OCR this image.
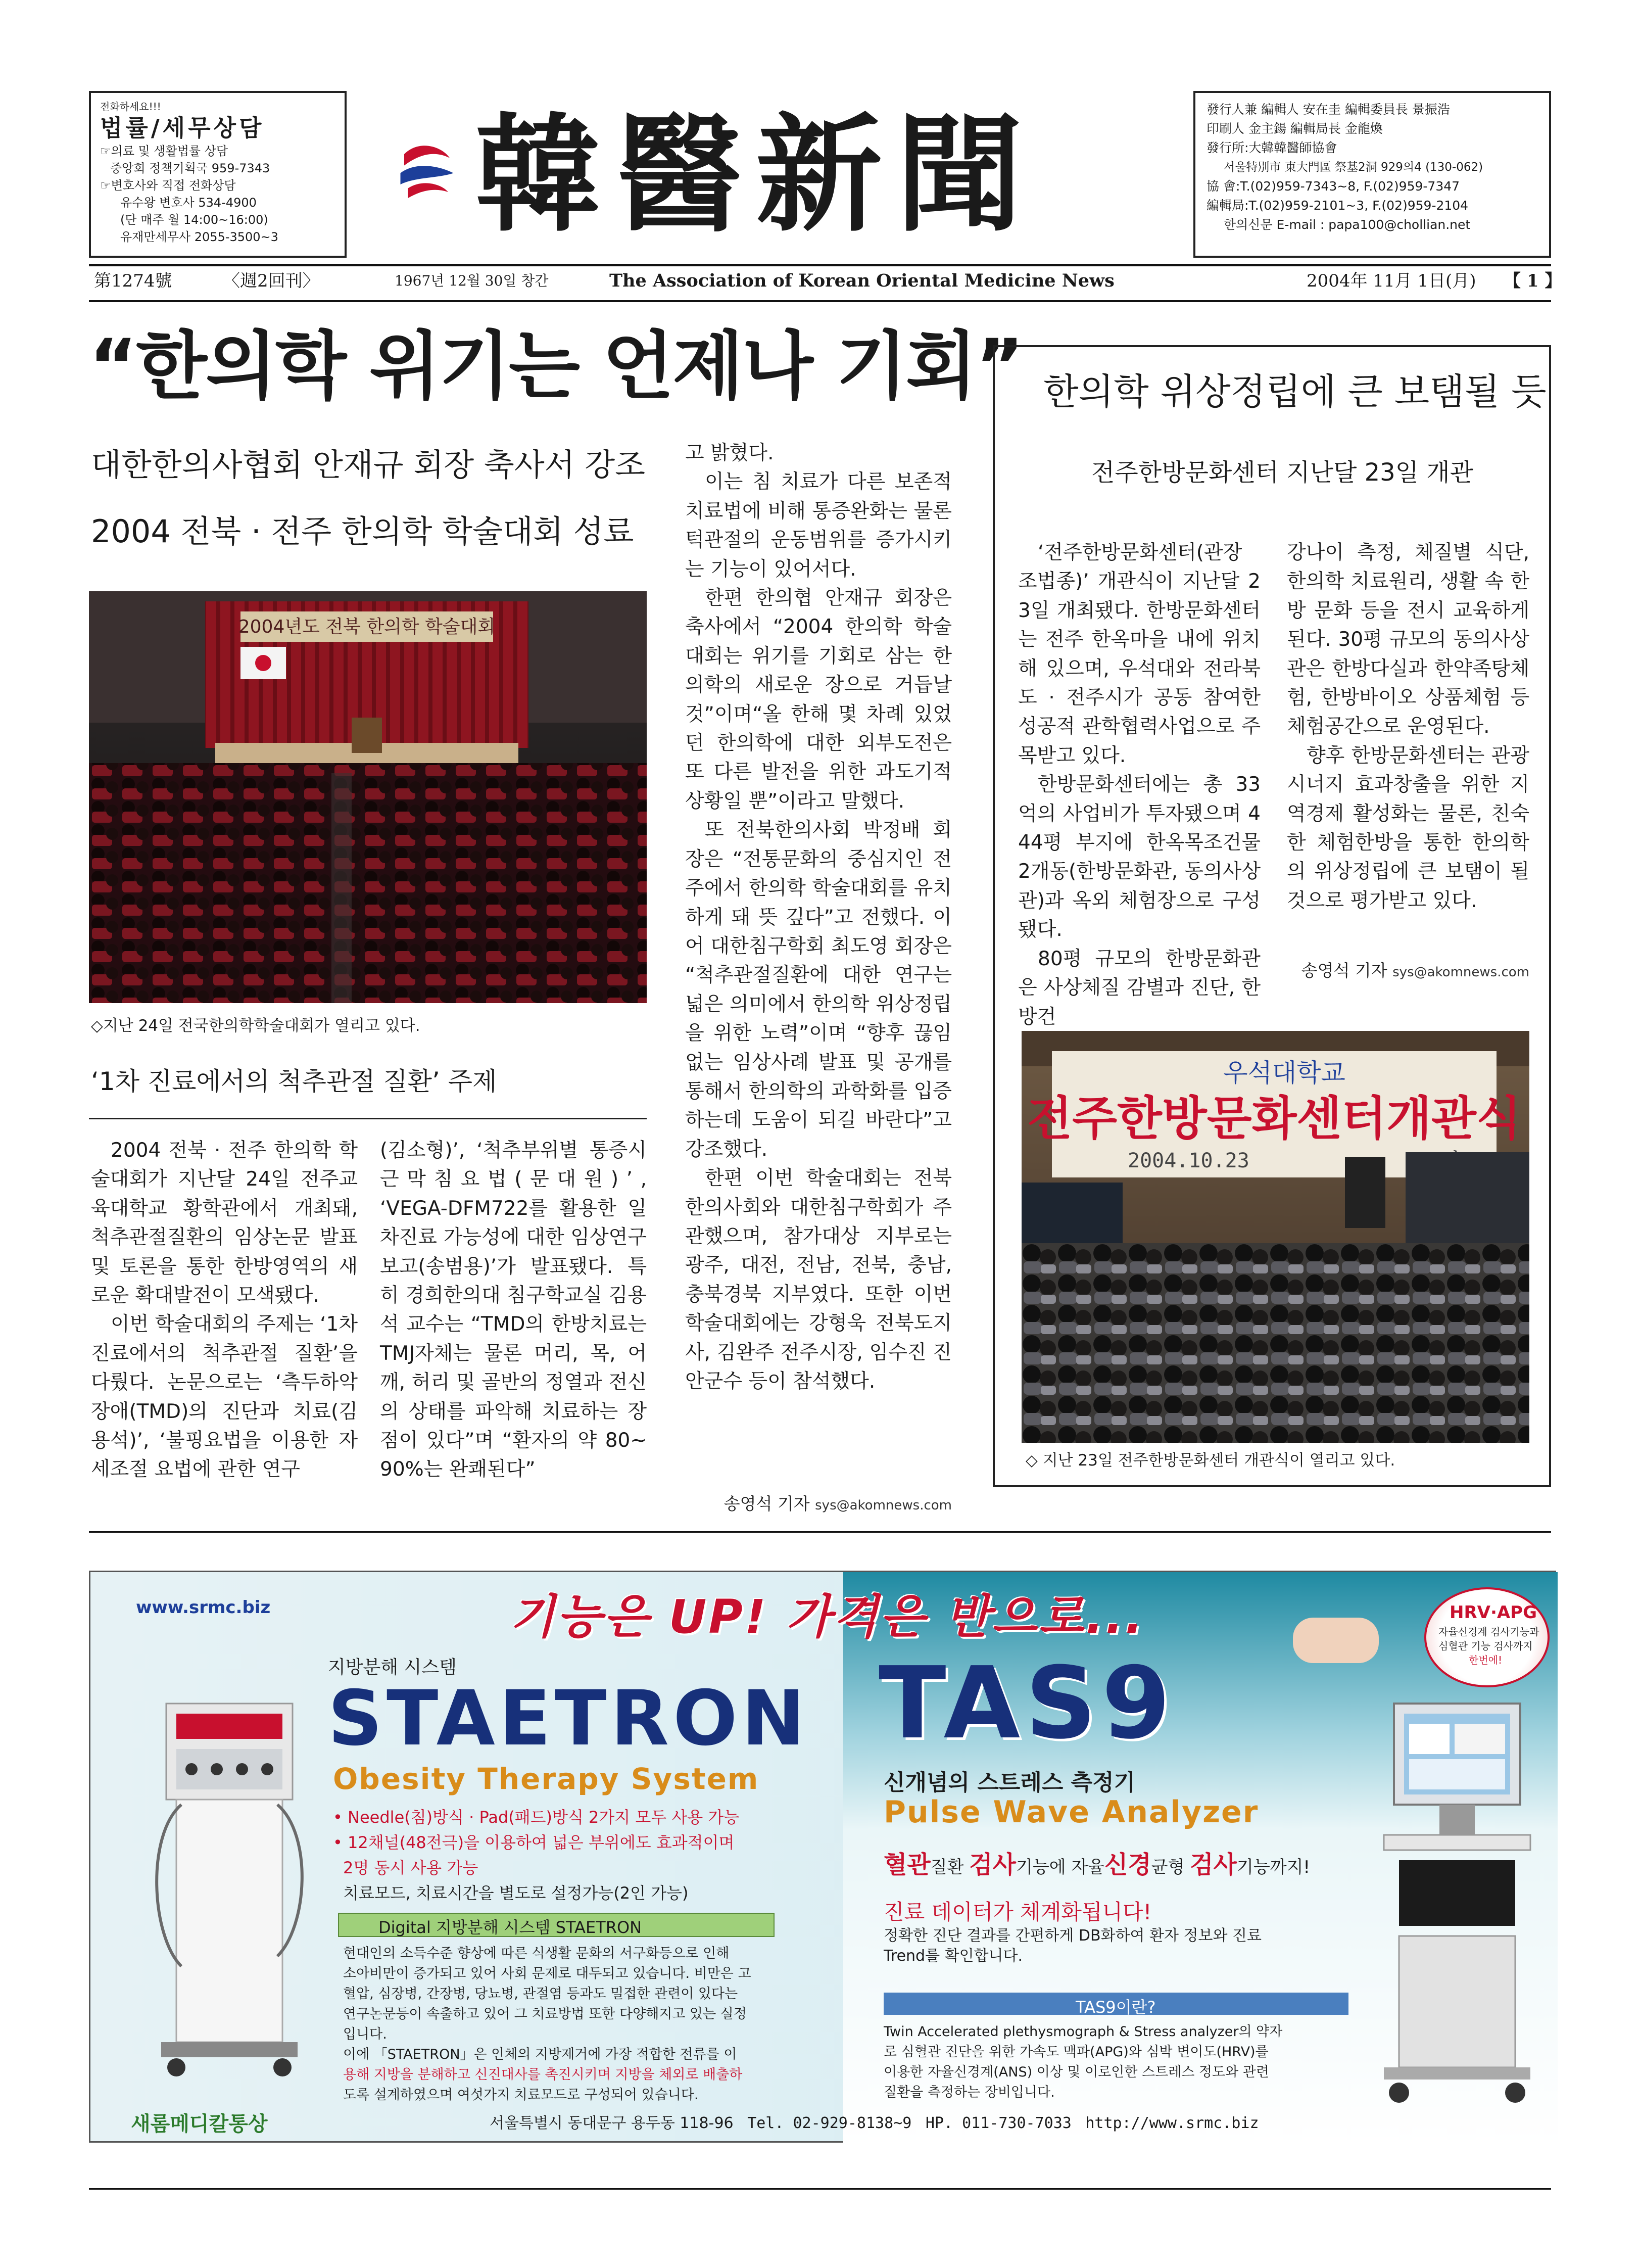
전화하세요!!!
법률/세무상담
☞의료 및 생활법률 상담
중앙회 정책기획국 959-7343
☞변호사와 직접 전화상담
유수왕 변호사 534-4900
(단 매주 월 14:00~16:00)
유재만세무사 2055-3500~3	韓醫新聞	發行人兼 編輯人 安在圭 編輯委員長 景振浩
印刷人 金主鍚 編輯局長 金龍煥
發行所:大韓韓醫師協會
서울特別市 東大門區 祭基2洞 929의4 (130-062)
協 會:T.(02)959-7343~8, F.(02)959-7347
編輯局:T.(02)959-2101~3, F.(02)959-2104
한의신문 E-mail : papa100@chollian.net
第1274號	〈週2回刊〉	1967년 12월 30일 창간	The Association of Korean Oriental Medicine News	2004年 11月 1日(月) 【 1 】
“한의학 위기는 언제나 기회”
대한한의사협회 안재규 회장 축사서 강조
2004 전북 · 전주 한의학 학술대회 성료
2004년도 전북 한의학 학술대회
◇지난 24일 전국한의학학술대회가 열리고 있다.
‘1차 진료에서의 척추관절 질환’ 주제

2004 전북 · 전주 한의학 학술대회가 지난달 24일 전주교육대학교 황학관에서 개최돼, 척추관절질환의 임상논문 발표 및 토론을 통한 한방영역의 새로운 확대발전이 모색됐다.

이번 학술대회의 주제는 ‘1차 진료에서의 척추관절 질환’을 다뤘다. 논문으로는 ‘측두하악장애(TMD)의 진단과 치료(김용석)’, ‘불핑요법을 이용한 자세조절 요법에 관한 연구

(김소형)’, ‘척추부위별 통증시근 막 침 요 법 ( 문 대 원 ) ’ , ‘VEGA-DFM722를 활용한 일차진료 가능성에 대한 임상연구보고(송범용)’가 발표됐다. 특히 경희한의대 침구학교실 김용석 교수는 “TMD의 한방치료는 TMJ자체는 물론 머리, 목, 어깨, 허리 및 골반의 정열과 전신의 상태를 파악해 치료하는 장점이 있다”며 “환자의 약 80~90%는 완쾌된다”

고 밝혔다.

이는 침 치료가 다른 보존적 치료법에 비해 통증완화는 물론 턱관절의 운동범위를 증가시키는 기능이 있어서다.

한편 한의협 안재규 회장은 축사에서 “2004 한의학 학술대회는 위기를 기회로 삼는 한의학의 새로운 장으로 거듭날 것”이며“올 한해 몇 차례 있었던 한의학에 대한 외부도전은 또 다른 발전을 위한 과도기적 상황일 뿐”이라고 말했다.

또 전북한의사회 박정배 회장은 “전통문화의 중심지인 전주에서 한의학 학술대회를 유치하게 돼 뜻 깊다”고 전했다. 이어 대한침구학회 최도영 회장은 “척추관절질환에 대한 연구는 넓은 의미에서 한의학 위상정립을 위한 노력”이며 “향후 끊임없는 임상사례 발표 및 공개를 통해서 한의학의 과학화를 입증하는데 도움이 되길 바란다”고 강조했다.

한편 이번 학술대회는 전북한의사회와 대한침구학회가 주관했으며, 참가대상 지부로는 광주, 대전, 전남, 전북, 충남, 충북경북 지부였다. 또한 이번 학술대회에는 강형욱 전북도지사, 김완주 전주시장, 임수진 진안군수 등이 참석했다.

송영석 기자 sys@akomnews.com
한의학 위상정립에 큰 보탬될 듯
전주한방문화센터 지난달 23일 개관

‘전주한방문화센터(관장 조법종)’ 개관식이 지난달 23일 개최됐다. 한방문화센터는 전주 한옥마을 내에 위치해 있으며, 우석대와 전라북도 · 전주시가 공동 참여한 성공적 관학협력사업으로 주목받고 있다.

한방문화센터에는 총 33억의 사업비가 투자됐으며 444평 부지에 한옥목조건물 2개동(한방문화관, 동의사상관)과 옥외 체험장으로 구성됐다.

80평 규모의 한방문화관은 사상체질 감별과 진단, 한방건

강나이 측정, 체질별 식단, 한의학 치료원리, 생활 속 한방 문화 등을 전시 교육하게 된다. 30평 규모의 동의사상관은 한방다실과 한약족탕체험, 한방바이오 상품체험 등 체험공간으로 운영된다.

향후 한방문화센터는 관광 시너지 효과창출을 위한 지역경제 활성화는 물론, 친숙한 체험한방을 통한 한의학의 위상정립에 큰 보탬이 될 것으로 평가받고 있다.

송영석 기자 sys@akomnews.com
우석대학교
전주한방문화센터개관식
2004.10.23
◇ 지난 23일 전주한방문화센터 개관식이 열리고 있다.
www.srmc.biz	기능은 UP! 가격은 반으로...
지방분해 시스템
STAETRON
Obesity Therapy System
• Needle(침)방식 · Pad(패드)방식 2가지 모두 사용 가능
• 12채널(48전극)을 이용하여 넓은 부위에도 효과적이며
2명 동시 사용 가능
치료모드, 치료시간을 별도로 설정가능(2인 가능)
Digital 지방분해 시스템 STAETRON
현대인의 소득수준 향상에 따른 식생활 문화의 서구화등으로 인해
소아비만이 증가되고 있어 사회 문제로 대두되고 있습니다. 비만은 고
혈압, 심장병, 간장병, 당뇨병, 관절염 등과도 밀접한 관련이 있다는
연구논문등이 속출하고 있어 그 치료방법 또한 다양해지고 있는 실정
입니다.
이에 「STAETRON」은 인체의 지방제거에 가장 적합한 전류를 이
용해 지방을 분해하고 신진대사를 촉진시키며 지방을 체외로 배출하
도록 설계하였으며 여섯가지 치료모드로 구성되어 있습니다.
새롬메디칼통상
TAS9
신개념의 스트레스 측정기
Pulse Wave Analyzer
HRV·APG
자율신경계 검사기능과
심혈관 기능 검사까지
한번에!
혈관질환 검사기능에 자율신경균형 검사기능까지!
진료 데이터가 체계화됩니다!
정확한 진단 결과를 간편하게 DB화하여 환자 정보와 진료
Trend를 확인합니다.
TAS9이란?
Twin Accelerated plethysmograph & Stress analyzer의 약자
로 심혈관 진단을 위한 가속도 맥파(APG)와 심박 변이도(HRV)를
이용한 자율신경계(ANS) 이상 및 이로인한 스트레스 정도와 관련
질환을 측정하는 장비입니다.
서울특별시 동대문구 용두동 118-96 Tel. 02-929-8138~9 HP. 011-730-7033 http://www.srmc.biz
